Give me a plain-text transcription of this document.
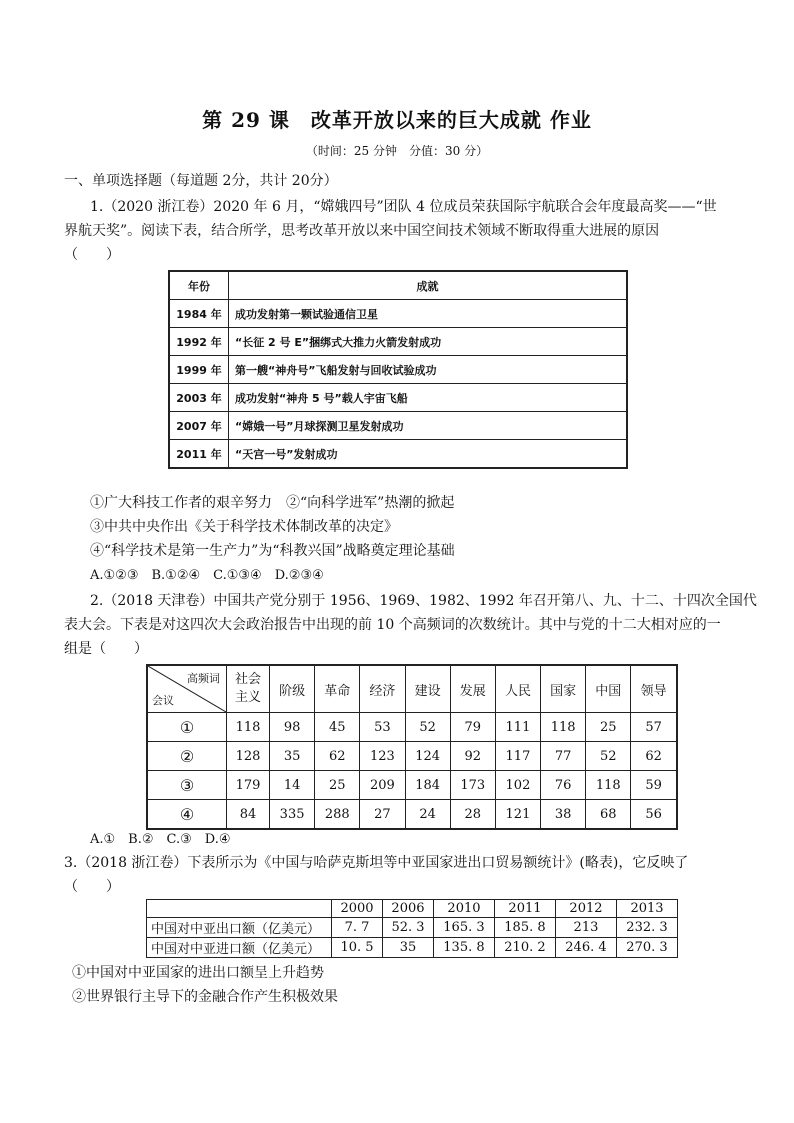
第 29 课　改革开放以来的巨大成就 作业
（时间：25 分钟　分值：30 分）
一、单项选择题（每道题 2分，共计 20分）
1.（2020 浙江卷）2020 年 6 月，“嫦娥四号”团队 4 位成员荣获国际宇航联合会年度最高奖——“世
界航天奖”。阅读下表，结合所学，思考改革开放以来中国空间技术领域不断取得重大进展的原因
（　　）
年份	成就
1984 年	成功发射第一颗试验通信卫星
1992 年	“长征 2 号 E”捆绑式大推力火箭发射成功
1999 年	第一艘“神舟号”飞船发射与回收试验成功
2003 年	成功发射“神舟 5 号”载人宇宙飞船
2007 年	“嫦娥一号”月球探测卫星发射成功
2011 年	“天宫一号”发射成功
①广大科技工作者的艰辛努力　②“向科学进军”热潮的掀起
③中共中央作出《关于科学技术体制改革的决定》
④“科学技术是第一生产力”为“科教兴国”战略奠定理论基础
A.①②③　B.①②④　C.①③④　D.②③④
2.（2018 天津卷）中国共产党分别于 1956、1969、1982、1992 年召开第八、九、十二、十四次全国代
表大会。下表是对这四次大会政治报告中出现的前 10 个高频词的次数统计。其中与党的十二大相对应的一
组是（　　）
高频词
会议	社会主义	阶级	革命	经济	建设	发展	人民	国家	中国	领导
①	118	98	45	53	52	79	111	118	25	57
②	128	35	62	123	124	92	117	77	52	62
③	179	14	25	209	184	173	102	76	118	59
④	84	335	288	27	24	28	121	38	68	56
A.①　B.②　C.③　D.④
3.（2018 浙江卷）下表所示为《中国与哈萨克斯坦等中亚国家进出口贸易额统计》(略表)，它反映了
（　　）
	2000	2006	2010	2011	2012	2013
中国对中亚出口额（亿美元）	7. 7	52. 3	165. 3	185. 8	213	232. 3
中国对中亚进口额（亿美元）	10. 5	35	135. 8	210. 2	246. 4	270. 3
①中国对中亚国家的进出口额呈上升趋势
②世界银行主导下的金融合作产生积极效果
